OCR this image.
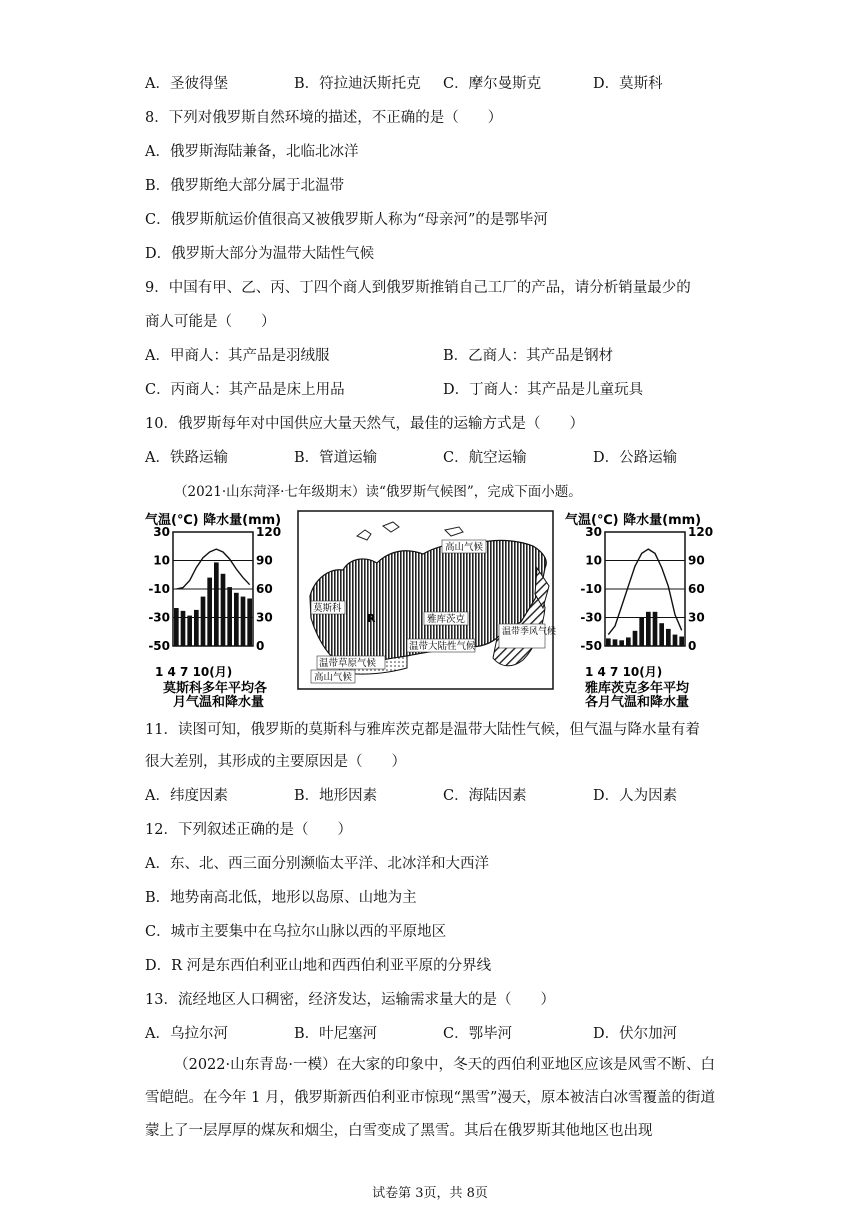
A．圣彼得堡	B．符拉迪沃斯托克 C．摩尔曼斯克	D．莫斯科
8．下列对俄罗斯自然环境的描述，不正确的是（　　）
A．俄罗斯海陆兼备，北临北冰洋
B．俄罗斯绝大部分属于北温带
C．俄罗斯航运价值很高又被俄罗斯人称为“母亲河”的是鄂毕河
D．俄罗斯大部分为温带大陆性气候
9．中国有甲、乙、丙、丁四个商人到俄罗斯推销自己工厂的产品，请分析销量最少的
商人可能是（　　）
A．甲商人：其产品是羽绒服	B．乙商人：其产品是钢材
C．丙商人：其产品是床上用品	D．丁商人：其产品是儿童玩具
10．俄罗斯每年对中国供应大量天然气，最佳的运输方式是（　　）
A．铁路运输	B．管道运输	C．航空运输	D．公路运输
（2021·山东菏泽·七年级期末）读“俄罗斯气候图”，完成下面小题。
气温(℃) 降水量(mm)
30	120
10	90
-10	60
-30	30
-50	0
1 4 7 10(月)
莫斯科多年平均各
月气温和降水量
高山气候
雅库茨克
温带大陆性气候
莫斯科
R
温带季风气候
温带草原气候
高山气候
气温(℃) 降水量(mm)
30	120
10	90
-10	60
-30	30
-50	0
1 4 7 10(月)
雅库茨克多年平均
各月气温和降水量
11．读图可知，俄罗斯的莫斯科与雅库茨克都是温带大陆性气候，但气温与降水量有着
很大差别，其形成的主要原因是（　　）
A．纬度因素	B．地形因素	C．海陆因素	D．人为因素
12．下列叙述正确的是（　　）
A．东、北、西三面分别濒临太平洋、北冰洋和大西洋
B．地势南高北低，地形以岛原、山地为主
C．城市主要集中在乌拉尔山脉以西的平原地区
D．R 河是东西伯利亚山地和西西伯利亚平原的分界线
13．流经地区人口稠密，经济发达，运输需求量大的是（　　）
A．乌拉尔河	B．叶尼塞河	C．鄂毕河	D．伏尔加河
（2022·山东青岛·一模）在大家的印象中，冬天的西伯利亚地区应该是风雪不断、白雪皑皑。在今年 1 月，俄罗斯新西伯利亚市惊现“黑雪”漫天，原本被洁白冰雪覆盖的街道蒙上了一层厚厚的煤灰和烟尘，白雪变成了黑雪。其后在俄罗斯其他地区也出现
试卷第 3页，共 8页
